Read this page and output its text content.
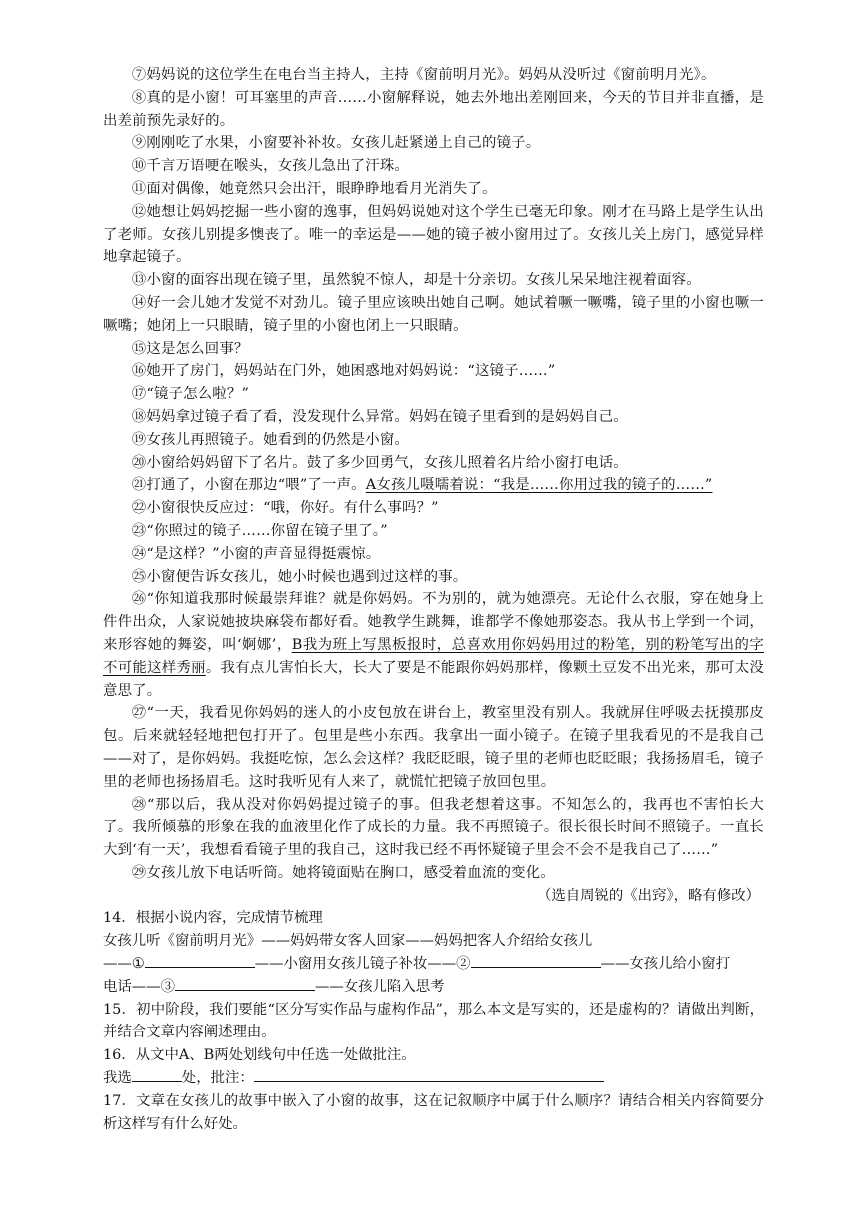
⑦妈妈说的这位学生在电台当主持人，主持《窗前明月光》。妈妈从没听过《窗前明月光》。

⑧真的是小窗！可耳塞里的声音……小窗解释说，她去外地出差刚回来，今天的节目并非直播，是出差前预先录好的。

⑨刚刚吃了水果，小窗要补补妆。女孩儿赶紧递上自己的镜子。

⑩千言万语哽在喉头，女孩儿急出了汗珠。

⑪面对偶像，她竟然只会出汗，眼睁睁地看月光消失了。

⑫她想让妈妈挖掘一些小窗的逸事，但妈妈说她对这个学生已毫无印象。刚才在马路上是学生认出了老师。女孩儿别提多懊丧了。唯一的幸运是——她的镜子被小窗用过了。女孩儿关上房门，感觉异样地拿起镜子。

⑬小窗的面容出现在镜子里，虽然貌不惊人，却是十分亲切。女孩儿呆呆地注视着面容。

⑭好一会儿她才发觉不对劲儿。镜子里应该映出她自己啊。她试着噘一噘嘴，镜子里的小窗也噘一噘嘴；她闭上一只眼睛，镜子里的小窗也闭上一只眼睛。

⑮这是怎么回事？

⑯她开了房门，妈妈站在门外，她困惑地对妈妈说：“这镜子……”

⑰“镜子怎么啦？”

⑱妈妈拿过镜子看了看，没发现什么异常。妈妈在镜子里看到的是妈妈自己。

⑲女孩儿再照镜子。她看到的仍然是小窗。

⑳小窗给妈妈留下了名片。鼓了多少回勇气，女孩儿照着名片给小窗打电话。

㉑打通了，小窗在那边“喂”了一声。A女孩儿嗫嚅着说：“我是……你用过我的镜子的……”

㉒小窗很快反应过：“哦，你好。有什么事吗？”

㉓“你照过的镜子……你留在镜子里了。”

㉔“是这样？”小窗的声音显得挺震惊。

㉕小窗便告诉女孩儿，她小时候也遇到过这样的事。

㉖“你知道我那时候最崇拜谁？就是你妈妈。不为别的，就为她漂亮。无论什么衣服，穿在她身上件件出众，人家说她披块麻袋布都好看。她教学生跳舞，谁都学不像她那姿态。我从书上学到一个词，来形容她的舞姿，叫‘婀娜’，B我为班上写黑板报时，总喜欢用你妈妈用过的粉笔，别的粉笔写出的字不可能这样秀丽。我有点儿害怕长大，长大了要是不能跟你妈妈那样，像颗土豆发不出光来，那可太没意思了。

㉗“一天，我看见你妈妈的迷人的小皮包放在讲台上，教室里没有别人。我就屏住呼吸去抚摸那皮包。后来就轻轻地把包打开了。包里是些小东西。我拿出一面小镜子。在镜子里我看见的不是我自己——对了，是你妈妈。我挺吃惊，怎么会这样？我眨眨眼，镜子里的老师也眨眨眼；我扬扬眉毛，镜子里的老师也扬扬眉毛。这时我听见有人来了，就慌忙把镜子放回包里。

㉘“那以后，我从没对你妈妈提过镜子的事。但我老想着这事。不知怎么的，我再也不害怕长大了。我所倾慕的形象在我的血液里化作了成长的力量。我不再照镜子。很长很长时间不照镜子。一直长大到‘有一天’，我想看看镜子里的我自己，这时我已经不再怀疑镜子里会不会不是我自己了……”

㉙女孩儿放下电话听筒。她将镜面贴在胸口，感受着血流的变化。

（选自周锐的《出窍》，略有修改）

14．根据小说内容，完成情节梳理

女孩儿听《窗前明月光》——妈妈带女客人回家——妈妈把客人介绍给女孩儿

——①	——小窗用女孩儿镜子补妆——②	——女孩儿给小窗打

电话——③	——女孩儿陷入思考

15．初中阶段，我们要能“区分写实作品与虚构作品”，那么本文是写实的，还是虚构的？请做出判断，并结合文章内容阐述理由。

16．从文中A、B两处划线句中任选一处做批注。

我选	处，批注：

17．文章在女孩儿的故事中嵌入了小窗的故事，这在记叙顺序中属于什么顺序？请结合相关内容简要分析这样写有什么好处。
